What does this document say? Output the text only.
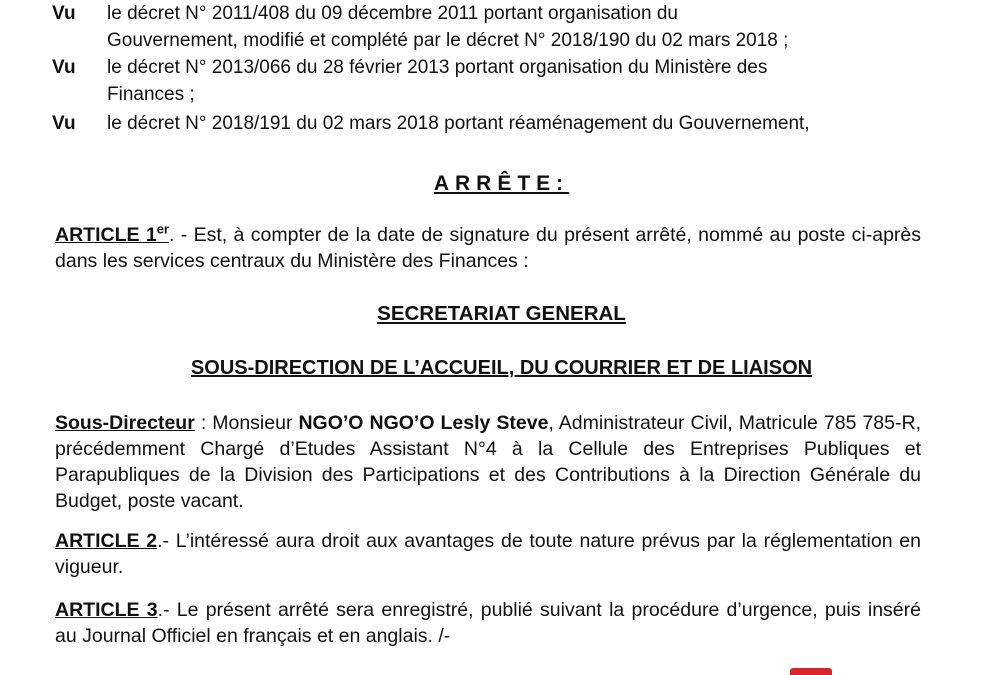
Vu le décret N° 2011/408 du 09 décembre 2011 portant organisation du
Gouvernement, modifié et complété par le décret N° 2018/190 du 02 mars 2018 ;
Vu le décret N° 2013/066 du 28 février 2013 portant organisation du Ministère des
Finances ;
Vu le décret N° 2018/191 du 02 mars 2018 portant réaménagement du Gouvernement,
ARRÊTE:
ARTICLE 1er. - Est, à compter de la date de signature du présent arrêté, nommé au poste ci-après dans les services centraux du Ministère des Finances :
SECRETARIAT GENERAL
SOUS-DIRECTION DE L’ACCUEIL, DU COURRIER ET DE LIAISON
Sous-Directeur : Monsieur NGO’O NGO’O Lesly Steve, Administrateur Civil, Matricule 785 785-R, précédemment Chargé d’Etudes Assistant N°4 à la Cellule des Entreprises Publiques et Parapubliques de la Division des Participations et des Contributions à la Direction Générale du Budget, poste vacant.
ARTICLE 2.- L’intéressé aura droit aux avantages de toute nature prévus par la réglementation en vigueur.
ARTICLE 3.- Le présent arrêté sera enregistré, publié suivant la procédure d’urgence, puis inséré au Journal Officiel en français et en anglais. /-
